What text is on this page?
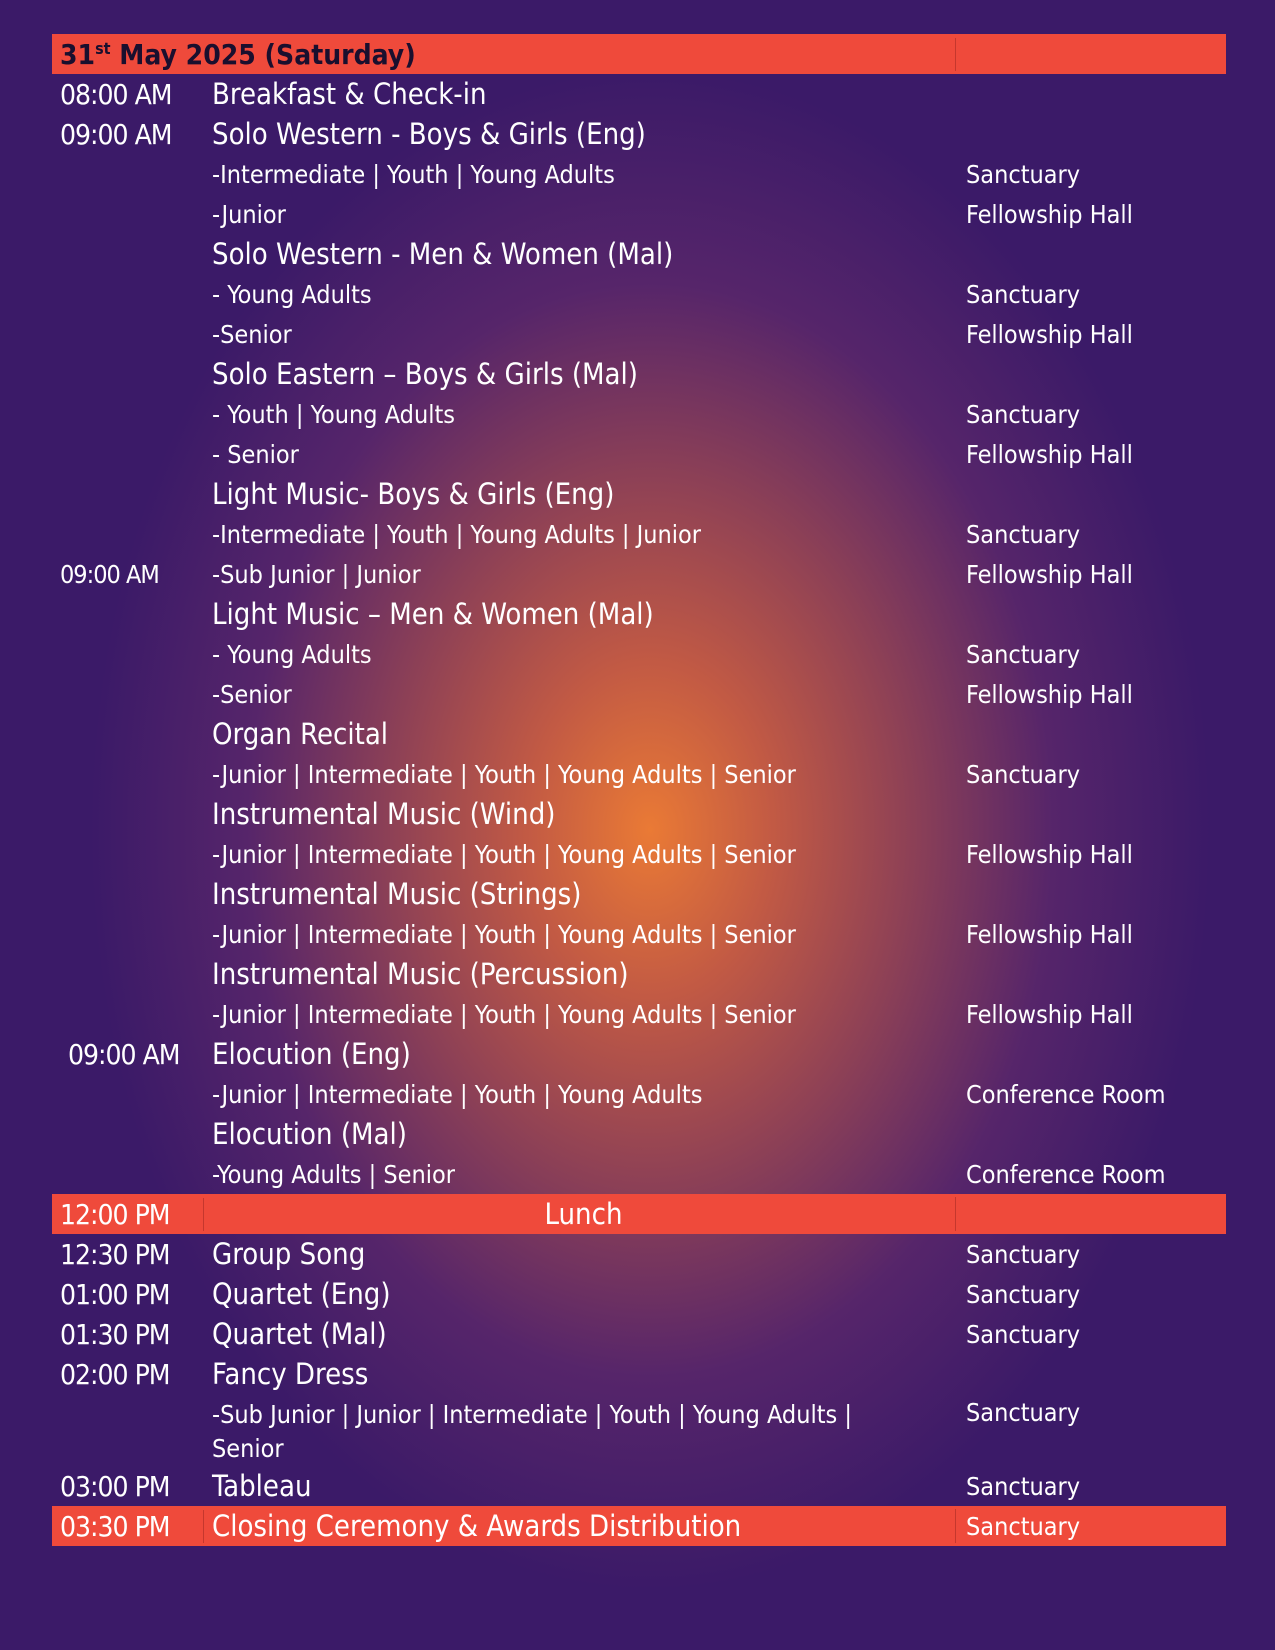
31st May 2025 (Saturday)
08:00 AM	Breakfast & Check-in
09:00 AM	Solo Western - Boys & Girls (Eng)
-Intermediate | Youth | Young Adults	Sanctuary
-Junior	Fellowship Hall
Solo Western - Men & Women (Mal)
- Young Adults	Sanctuary
-Senior	Fellowship Hall
Solo Eastern – Boys & Girls (Mal)
- Youth | Young Adults	Sanctuary
- Senior	Fellowship Hall
Light Music- Boys & Girls (Eng)
-Intermediate | Youth | Young Adults | Junior	Sanctuary
09:00 AM	-Sub Junior | Junior	Fellowship Hall
Light Music – Men & Women (Mal)
- Young Adults	Sanctuary
-Senior	Fellowship Hall
Organ Recital
-Junior | Intermediate | Youth | Young Adults | Senior	Sanctuary
Instrumental Music (Wind)
-Junior | Intermediate | Youth | Young Adults | Senior	Fellowship Hall
Instrumental Music (Strings)
-Junior | Intermediate | Youth | Young Adults | Senior	Fellowship Hall
Instrumental Music (Percussion)
-Junior | Intermediate | Youth | Young Adults | Senior	Fellowship Hall
09:00 AM	Elocution (Eng)
-Junior | Intermediate | Youth | Young Adults	Conference Room
Elocution (Mal)
-Young Adults | Senior	Conference Room
12:00 PM	Lunch
12:30 PM	Group Song	Sanctuary
01:00 PM	Quartet (Eng)	Sanctuary
01:30 PM	Quartet (Mal)	Sanctuary
02:00 PM	Fancy Dress
-Sub Junior | Junior | Intermediate | Youth | Young Adults | Senior
Sanctuary
03:00 PM	Tableau	Sanctuary
03:30 PM	Closing Ceremony & Awards Distribution	Sanctuary
